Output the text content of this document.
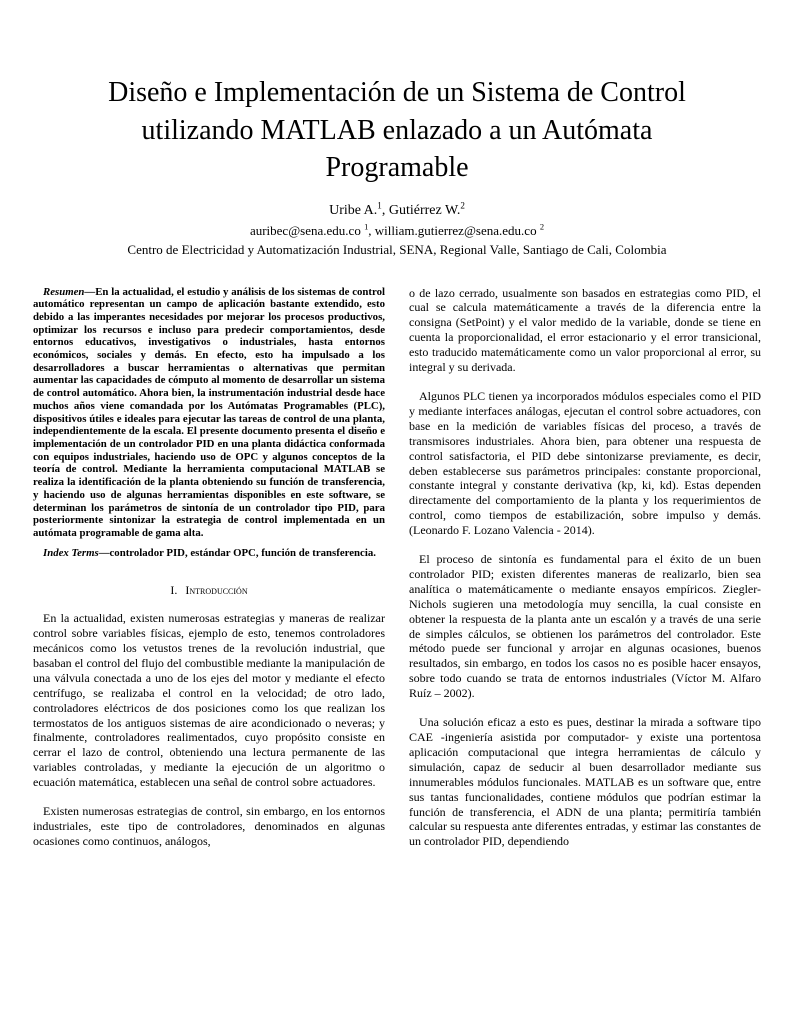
Diseño e Implementación de un Sistema de Control utilizando MATLAB enlazado a un Autómata Programable
Uribe A.$^1$, Gutiérrez W.$^2$
auribec@sena.edu.co $^1$, william.gutierrez@sena.edu.co $^2$
Centro de Electricidad y Automatización Industrial, SENA, Regional Valle, Santiago de Cali, Colombia

Resumen—En la actualidad, el estudio y análisis de los sistemas de control automático representan un campo de aplicación bastante extendido, esto debido a las imperantes necesidades por mejorar los procesos productivos, optimizar los recursos e incluso para predecir comportamientos, desde entornos educativos, investigativos o industriales, hasta entornos económicos, sociales y demás. En efecto, esto ha impulsado a los desarrolladores a buscar herramientas o alternativas que permitan aumentar las capacidades de cómputo al momento de desarrollar un sistema de control automático. Ahora bien, la instrumentación industrial desde hace muchos años viene comandada por los Autómatas Programables (PLC), dispositivos útiles e ideales para ejecutar las tareas de control de una planta, independientemente de la escala. El presente documento presenta el diseño e implementación de un controlador PID en una planta didáctica conformada con equipos industriales, haciendo uso de OPC y algunos conceptos de la teoría de control. Mediante la herramienta computacional MATLAB se realiza la identificación de la planta obteniendo su función de transferencia, y haciendo uso de algunas herramientas disponibles en este software, se determinan los parámetros de sintonía de un controlador tipo PID, para posteriormente sintonizar la estrategia de control implementada en un autómata programable de gama alta.

Index Terms—controlador PID, estándar OPC, función de transferencia.

I. Introducción

En la actualidad, existen numerosas estrategias y maneras de realizar control sobre variables físicas, ejemplo de esto, tenemos controladores mecánicos como los vetustos trenes de la revolución industrial, que basaban el control del flujo del combustible mediante la manipulación de una válvula conectada a uno de los ejes del motor y mediante el efecto centrífugo, se realizaba el control en la velocidad; de otro lado, controladores eléctricos de dos posiciones como los que realizan los termostatos de los antiguos sistemas de aire acondicionado o neveras; y finalmente, controladores realimentados, cuyo propósito consiste en cerrar el lazo de control, obteniendo una lectura permanente de las variables controladas, y mediante la ejecución de un algoritmo o ecuación matemática, establecen una señal de control sobre actuadores.

Existen numerosas estrategias de control, sin embargo, en los entornos industriales, este tipo de controladores, denominados en algunas ocasiones como continuos, análogos,

o de lazo cerrado, usualmente son basados en estrategias como PID, el cual se calcula matemáticamente a través de la diferencia entre la consigna (SetPoint) y el valor medido de la variable, donde se tiene en cuenta la proporcionalidad, el error estacionario y el error transicional, esto traducido matemáticamente como un valor proporcional al error, su integral y su derivada.

Algunos PLC tienen ya incorporados módulos especiales como el PID y mediante interfaces análogas, ejecutan el control sobre actuadores, con base en la medición de variables físicas del proceso, a través de transmisores industriales. Ahora bien, para obtener una respuesta de control satisfactoria, el PID debe sintonizarse previamente, es decir, deben establecerse sus parámetros principales: constante proporcional, constante integral y constante derivativa (kp, ki, kd). Estas dependen directamente del comportamiento de la planta y los requerimientos de control, como tiempos de estabilización, sobre impulso y demás. (Leonardo F. Lozano Valencia - 2014).

El proceso de sintonía es fundamental para el éxito de un buen controlador PID; existen diferentes maneras de realizarlo, bien sea analítica o matemáticamente o mediante ensayos empíricos. Ziegler-Nichols sugieren una metodología muy sencilla, la cual consiste en obtener la respuesta de la planta ante un escalón y a través de una serie de simples cálculos, se obtienen los parámetros del controlador. Este método puede ser funcional y arrojar en algunas ocasiones, buenos resultados, sin embargo, en todos los casos no es posible hacer ensayos, sobre todo cuando se trata de entornos industriales (Víctor M. Alfaro Ruíz – 2002).

Una solución eficaz a esto es pues, destinar la mirada a software tipo CAE -ingeniería asistida por computador- y existe una portentosa aplicación computacional que integra herramientas de cálculo y simulación, capaz de seducir al buen desarrollador mediante sus innumerables módulos funcionales. MATLAB es un software que, entre sus tantas funcionalidades, contiene módulos que podrían estimar la función de transferencia, el ADN de una planta; permitiría también calcular su respuesta ante diferentes entradas, y estimar las constantes de un controlador PID, dependiendo
